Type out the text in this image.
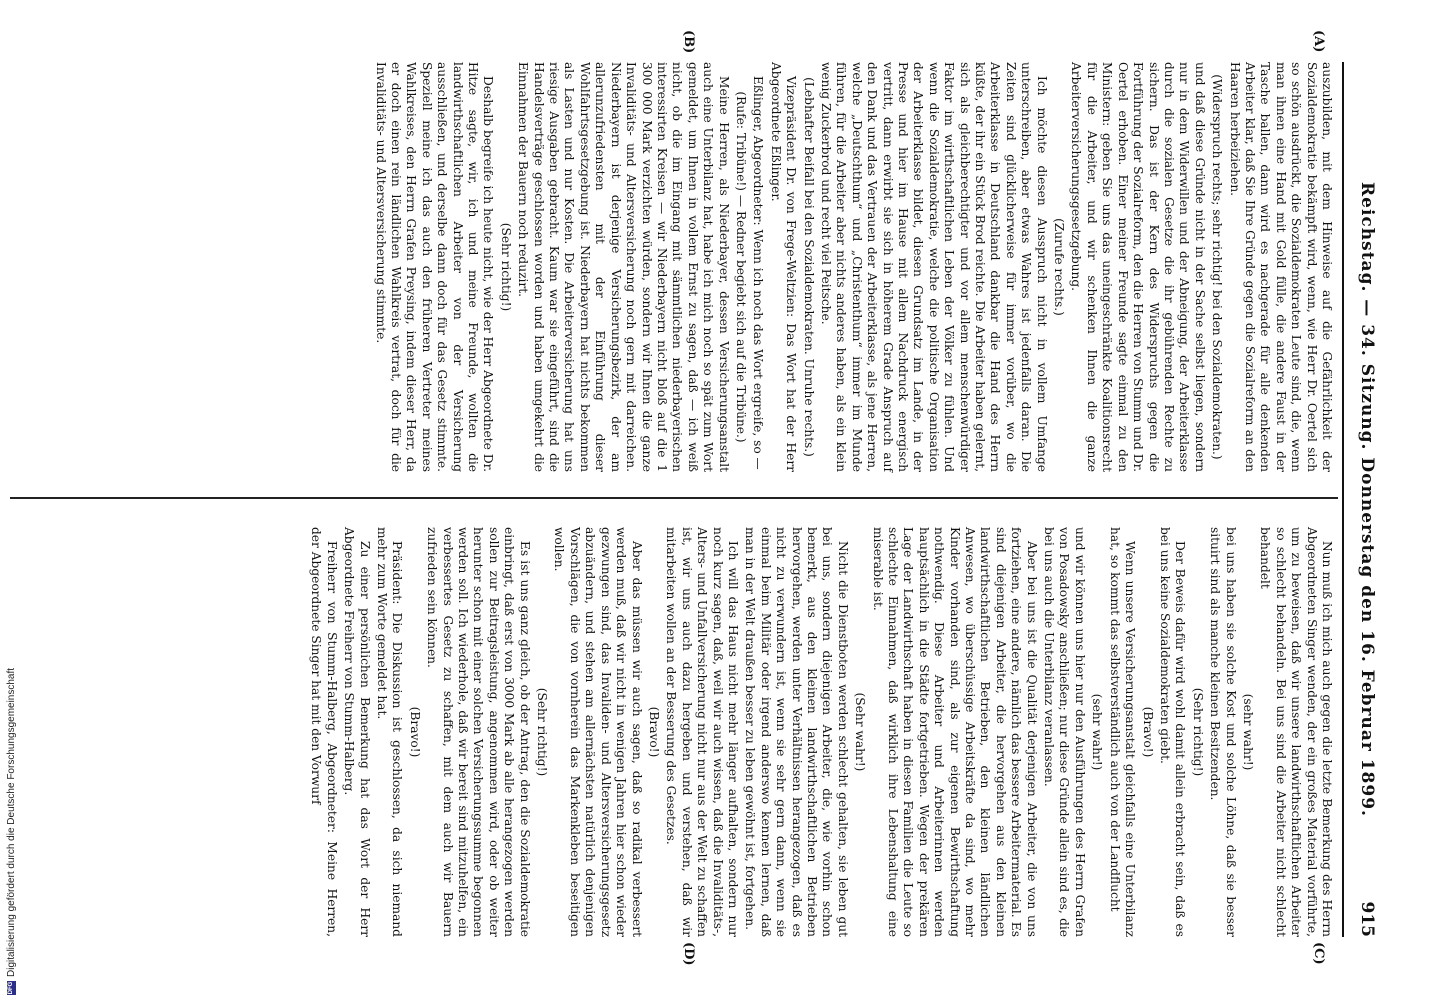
Reichstag. — 34. Sitzung. Donnerstag den 16. Februar 1899.
915
(A)
(B)
(C)
(D)

auszubilden, mit dem Hinweise auf die Gefährlichkeit der Sozialdemokratie bekämpft wird, wenn, wie Herr Dr. Oertel sich so schön ausdrückt, die Sozialdemokraten Leute sind, die, wenn man ihnen eine Hand mit Gold fülle, die andere Faust in der Tasche ballen, dann wird es nachgerade für alle denkenden Arbeiter klar, daß Sie Ihre Gründe gegen die Sozialreform an den Haaren herbeiziehen.

(Widerspruch rechts; sehr richtig! bei den Sozialdemokraten.)

und daß diese Gründe nicht in der Sache selbst liegen, sondern nur in dem Widerwillen und der Abneigung, der Arbeiterklasse durch die sozialen Gesetze die ihr gebührenden Rechte zu sichern. Das ist der Kern des Widerspruchs gegen die Fortführung der Sozialreform, den die Herren von Stumm und Dr. Oertel erhoben. Einer meiner Freunde sagte einmal zu den Ministern: geben Sie uns das uneingeschränkte Koalitionsrecht für die Arbeiter, und wir schenken Ihnen die ganze Arbeiterversicherungsgesetzgebung.

(Zurufe rechts.)

Ich möchte diesen Ausspruch nicht in vollem Umfange unterschreiben, aber etwas Wahres ist jedenfalls daran. Die Zeiten sind glücklicherweise für immer vorüber, wo die Arbeiterklasse in Deutschland dankbar die Hand des Herrn küßte, der ihr ein Stück Brod reichte. Die Arbeiter haben gelernt, sich als gleichberechtigter und vor allem menschenwürdiger Faktor im wirthschaftlichen Leben der Völker zu fühlen. Und wenn die Sozialdemokratie, welche die politische Organisation der Arbeiterklasse bildet, diesen Grundsatz im Lande, in der Presse und hier im Hause mit allem Nachdruck energisch vertritt, dann erwirbt sie sich in höherem Grade Anspruch auf den Dank und das Vertrauen der Arbeiterklasse, als jene Herren, welche „Deutschthum“ und „Christenthum“ immer im Munde führen, für die Arbeiter aber nichts anderes haben, als ein klein wenig Zuckerbrod und recht viel Peitsche.

(Lebhafter Beifall bei den Sozialdemokraten. Unruhe rechts.)

Vizepräsident Dr. von Frege-Weltzien: Das Wort hat der Herr Abgeordnete Eßlinger.

Eßlinger, Abgeordneter: Wenn ich noch das Wort ergreife, so —

(Rufe: Tribüne!) — Redner begiebt sich auf die Tribüne.)

Meine Herren, als Niederbayer, dessen Versicherungsanstalt auch eine Unterbilanz hat, habe ich mich noch so spät zum Wort gemeldet, um Ihnen in vollem Ernst zu sagen, daß — ich weiß nicht, ob die im Eingang mit sämmtlichen niederbayerischen interessirten Kreisen — wir Niederbayern nicht bloß auf die 1 300 000 Mark verzichten würden, sondern wir Ihnen die ganze Invaliditäts- und Altersversicherung noch gern mit darreichen. Niederbayern ist derjenige Versicherungsbezirk, der am allerunzufriedensten mit der Einführung dieser Wohlfahrtsgesetzgebung ist. Niederbayern hat nichts bekommen als Lasten und nur Kosten. Die Arbeiterversicherung hat uns riesige Ausgaben gebracht. Kaum war sie eingeführt, sind die Handelsverträge geschlossen worden und haben umgekehrt die Einnahmen der Bauern noch reduzirt.

(Sehr richtig!)

Deshalb begreife ich heute nicht, wie der Herr Abgeordnete Dr. Hitze sagte, wir, ich und meine Freunde, wollten die landwirthschaftlichen Arbeiter von der Versicherung ausschließen, und derselbe dann doch für das Gesetz stimmte. Speziell meine ich das auch den früheren Vertreter meines Wahlkreises, den Herrn Grafen Preysing, indem dieser Herr, da er doch einen rein ländlichen Wahlkreis vertrat, doch für die Invaliditäts- und Altersversicherung stimmte.

Nun muß ich mich auch gegen die letzte Bemerkung des Herrn Abgeordneten Singer wenden, der ein großes Material vorführte, um zu beweisen, daß wir unsere landwirthschaftlichen Arbeiter so schlecht behandeln. Bei uns sind die Arbeiter nicht schlecht behandelt

(sehr wahr!)

bei uns haben sie solche Kost und solche Löhne, daß sie besser situirt sind als manche kleinen Besitzenden.

(Sehr richtig!)

Der Beweis dafür wird wohl damit allein erbracht sein, daß es bei uns keine Sozialdemokraten giebt.

(Bravo!)

Wenn unsere Versicherungsanstalt gleichfalls eine Unterbilanz hat, so kommt das selbstverständlich auch von der Landflucht

(sehr wahr!)

und wir können uns hier nur den Ausführungen des Herrn Grafen von Posadowsky anschließen; nur diese Gründe allein sind es, die bei uns auch die Unterbilanz veranlassen.

Aber bei uns ist die Qualität derjenigen Arbeiter, die von uns fortziehen, eine andere, nämlich das bessere Arbeitermaterial. Es sind diejenigen Arbeiter, die hervorgehen aus den kleinen landwirthschaftlichen Betrieben, den kleinen ländlichen Anwesen, wo überschüssige Arbeitskräfte da sind, wo mehr Kinder vorhanden sind, als zur eigenen Bewirthschaftung nothwendig. Diese Arbeiter und Arbeiterinnen werden hauptsächlich in die Städte fortgetrieben. Wegen der prekären Lage der Landwirthschaft haben in diesen Familien die Leute so schlechte Einnahmen, daß wirklich ihre Lebenshaltung eine miserable ist.

(Sehr wahr!)

Nicht die Dienstboten werden schlecht gehalten, sie leben gut bei uns, sondern diejenigen Arbeiter, die, wie vorhin schon bemerkt, aus den kleinen landwirthschaftlichen Betrieben hervorgehen, werden unter Verhältnissen herangezogen, daß es nicht zu verwundern ist, wenn sie sehr gern dann, wenn sie einmal beim Militär oder irgend anderswo kennen lernen, daß man in der Welt draußen besser zu leben gewöhnt ist, fortgehen.

Ich will das Haus nicht mehr länger aufhalten, sondern nur noch kurz sagen, daß, weil wir auch wissen, daß die Invaliditäts-, Alters- und Unfallversicherung nicht nur aus der Welt zu schaffen ist, wir uns auch dazu hergeben und verstehen, daß wir mitarbeiten wollen an der Besserung des Gesetzes.

(Bravo!)

Aber das müssen wir auch sagen, daß so radikal verbessert werden muß, daß wir nicht in wenigen Jahren hier schon wieder gezwungen sind, das Invaliden- und Altersversicherungsgesetz abzuändern, und stehen am allernächsten natürlich denjenigen Vorschlägen, die von vornherein das Markenkleben beseitigen wollen.

(Sehr richtig!)

Es ist uns ganz gleich, ob der Antrag, den die Sozialdemokratie einbringt, daß erst von 3000 Mark ab alle herangezogen werden sollen zur Beitragsleistung, angenommen wird, oder ob weiter herunter schon mit einer solchen Versicherungssumme begonnen werden soll. Ich wiederhole, daß wir bereit sind mitzuhelfen, ein verbessertes Gesetz zu schaffen, mit dem auch wir Bauern zufrieden sein können.

(Bravo!)

Präsident: Die Diskussion ist geschlossen, da sich niemand mehr zum Worte gemeldet hat.

Zu einer persönlichen Bemerkung hat das Wort der Herr Abgeordnete Freiherr von Stumm-Halberg.

Freiherr von Stumm-Halberg, Abgeordneter: Meine Herren, der Abgeordnete Singer hat mit den Vorwurf

DFGDigitalisierung gefördert durch die Deutsche Forschungsgemeinschaft
